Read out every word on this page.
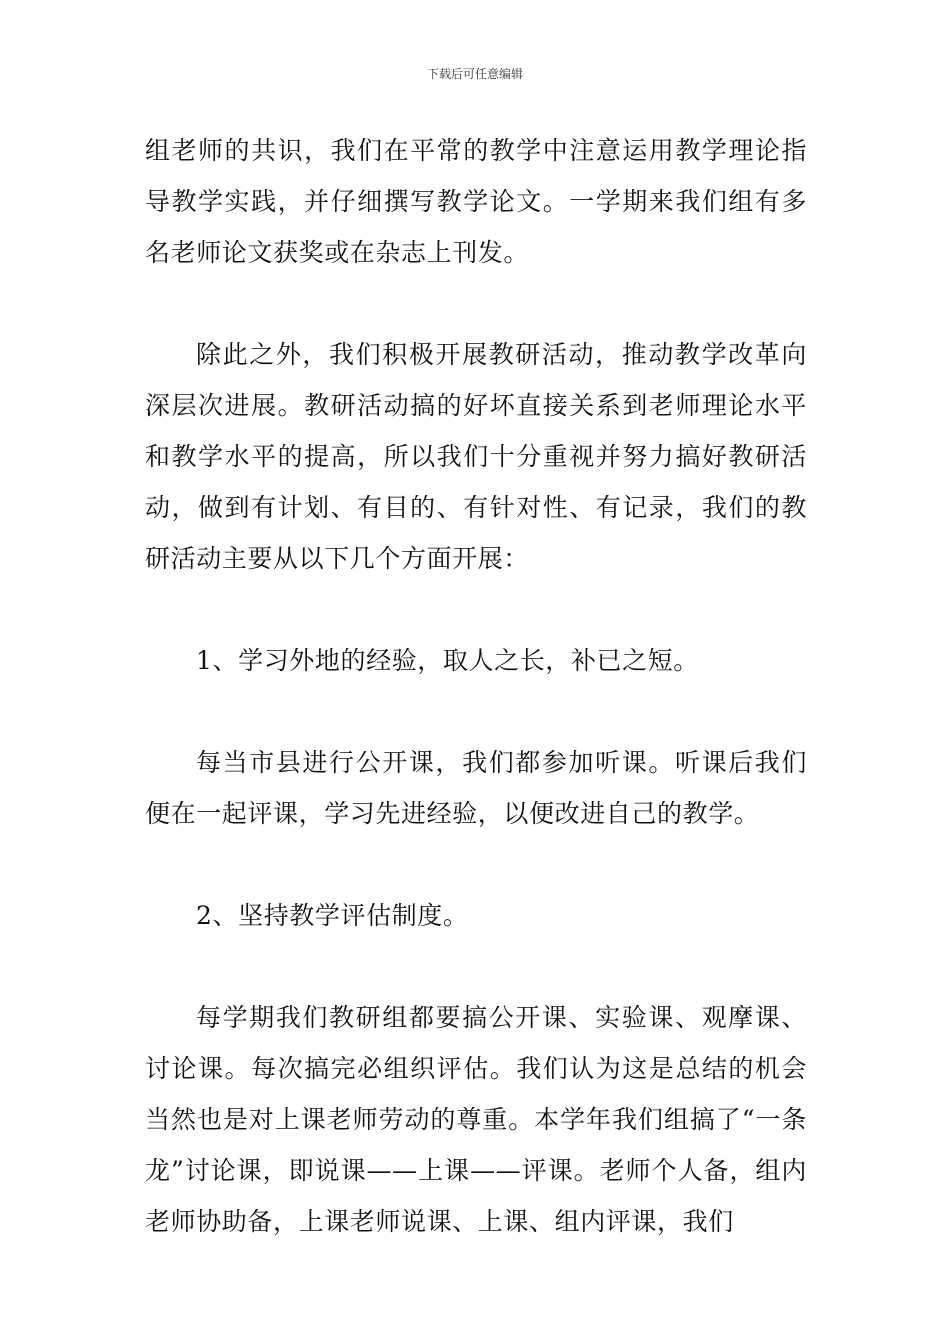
下载后可任意编辑

组老师的共识，我们在平常的教学中注意运用教学理论指导教学实践，并仔细撰写教学论文。一学期来我们组有多名老师论文获奖或在杂志上刊发。

除此之外，我们积极开展教研活动，推动教学改革向深层次进展。教研活动搞的好坏直接关系到老师理论水平和教学水平的提高，所以我们十分重视并努力搞好教研活动，做到有计划、有目的、有针对性、有记录，我们的教研活动主要从以下几个方面开展：

1、学习外地的经验，取人之长，补已之短。

每当市县进行公开课，我们都参加听课。听课后我们便在一起评课，学习先进经验，以便改进自己的教学。

2、坚持教学评估制度。

每学期我们教研组都要搞公开课、实验课、观摩课、讨论课。每次搞完必组织评估。我们认为这是总结的机会当然也是对上课老师劳动的尊重。本学年我们组搞了“一条龙”讨论课，即说课——上课——评课。老师个人备，组内老师协助备，上课老师说课、上课、组内评课，我们
